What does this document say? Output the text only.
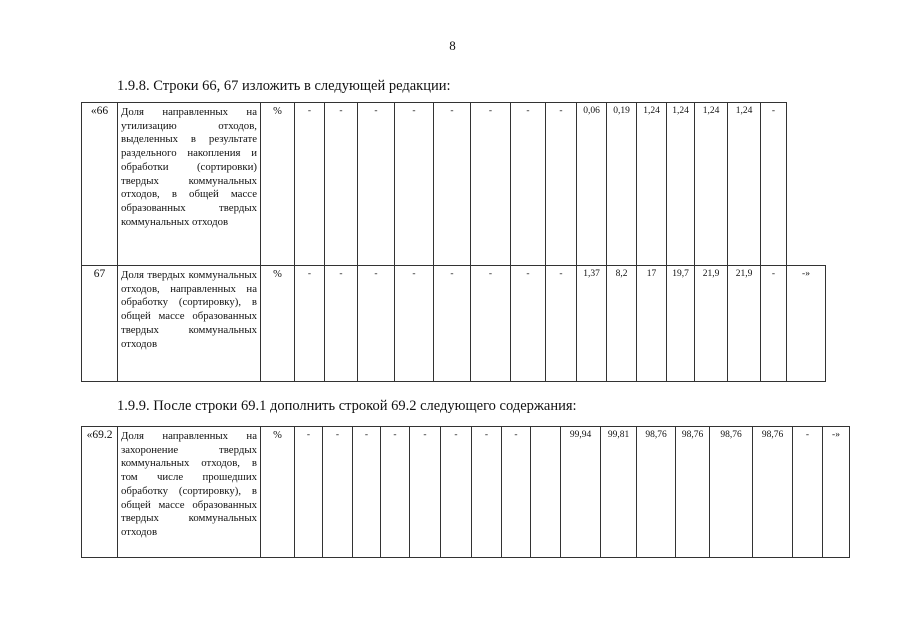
8
1.9.8. Строки 66, 67 изложить в следующей редакции:
«66	Доля направленных на утилизацию отходов, выделенных в результате раздельного накопления и обработки (сортировки) твердых коммунальных отходов, в общей массе образованных твердых коммунальных отходов	%	-	-	-	-	-	-	-	-	0,06	0,19	1,24	1,24	1,24	1,24	-	
67	Доля твердых коммунальных отходов, направленных на обработку (сортировку), в общей массе образованных твердых коммунальных отходов	%	-	-	-	-	-	-	-	-	1,37	8,2	17	19,7	21,9	21,9	-	-»
1.9.9. После строки 69.1 дополнить строкой 69.2 следующего содержания:
«69.2	Доля направленных на захоронение твердых коммунальных отходов, в том числе прошедших обработку (сортировку), в общей массе образованных твердых коммунальных отходов	%	-	-	-	-	-	-	-	-		99,94	99,81	98,76	98,76	98,76	98,76	-	-»
